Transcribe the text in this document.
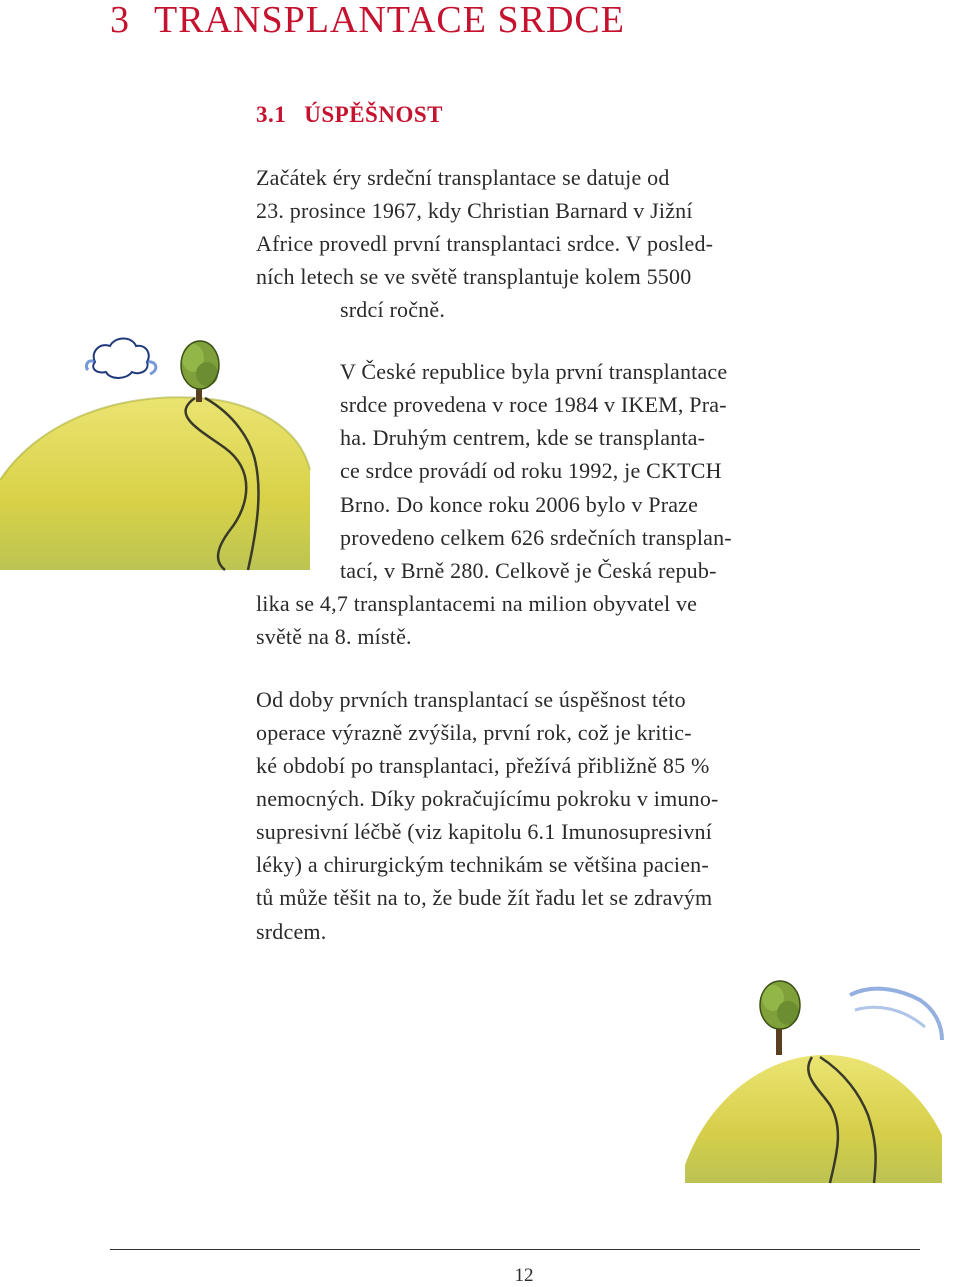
3 TRANSPLANTACE SRDCE
3.1 ÚSPĚŠNOST
Začátek éry srdeční transplantace se datuje od
23. prosince 1967, kdy Christian Barnard v Jižní
Africe provedl první transplantaci srdce. V posled-
ních letech se ve světě transplantuje kolem 5500
srdcí ročně.
V České republice byla první transplantace
srdce provedena v roce 1984 v IKEM, Pra-
ha. Druhým centrem, kde se transplanta-
ce srdce provádí od roku 1992, je CKTCH
Brno. Do konce roku 2006 bylo v Praze
provedeno celkem 626 srdečních transplan-
tací, v Brně 280. Celkově je Česká repub-
lika se 4,7 transplantacemi na milion obyvatel ve
světě na 8. místě.
Od doby prvních transplantací se úspěšnost této
operace výrazně zvýšila, první rok, což je kritic-
ké období po transplantaci, přežívá přibližně 85 %
nemocných. Díky pokračujícímu pokroku v imuno-
supresivní léčbě (viz kapitolu 6.1 Imunosupresivní
léky) a chirurgickým technikám se většina pacien-
tů může těšit na to, že bude žít řadu let se zdravým
srdcem.
12
